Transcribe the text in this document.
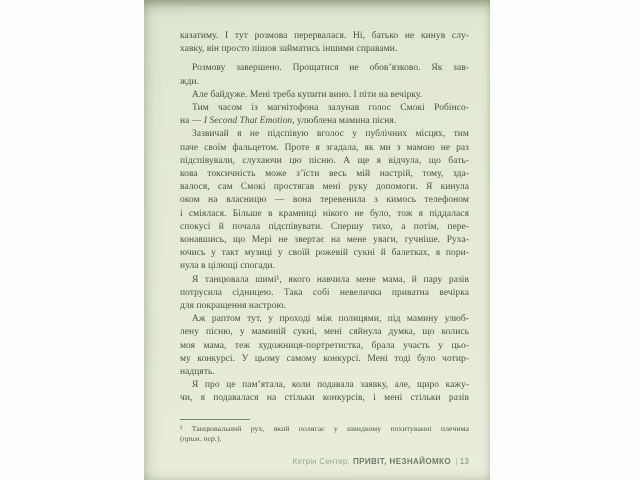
казатиму. І тут розмова перервалася. Ні, батько не кинув слу-
хавку, він просто пішов займатись іншими справами.
Розмову завершено. Прощатися не обов’язково. Як зав-
жди.
Але байдуже. Мені треба купити вино. І піти на вечірку.
Тим часом із магнітофона залунав голос Смокі Робінсо-
на — I Second That Emotion, улюблена мамина пісня.
Зазвичай я не підспівую вголос у публічних місцях, тим
паче своїм фальцетом. Проте я згадала, як ми з мамою не раз
підспівували, слухаючи цю пісню. А ще я відчула, що бать-
кова токсичність може з’їсти весь мій настрій, тому, зда-
валося, сам Смокі простягав мені руку допомоги. Я кинула
оком на власницю — вона теревенила з кимось телефоном
і сміялася. Більше в крамниці нікого не було, тож я піддалася
спокусі й почала підспівувати. Спершу тихо, а потім, пере-
конавшись, що Мері не звертає на мене уваги, гучніше. Руха-
ючись у такт музиці у своїй рожевій сукні й балетках, я пори-
нула в цілющі спогади.
Я танцювала шимі¹, якого навчила мене мама, й пару разів
потрусила сідницею. Така собі невеличка приватна вечірка
для покращення настрою.
Аж раптом тут, у проході між полицями, під мамину улюб-
лену пісню, у маминій сукні, мені сяйнула думка, що колись
моя мама, теж художниця-портретистка, брала участь у цьо-
му конкурсі. У цьому самому конкурсі. Мені тоді було чотир-
надцять.
Я про це пам’ятала, коли подавала заявку, але, щиро кажу-
чи, я подавалася на стільки конкурсів, і мені стільки разів
¹ Танцювальний рух, який полягає у швидкому похитуванні плечима
(прим. пер.).
Кетрін Сентер. ПРИВІТ, НЕЗНАЙОМКО | 13
